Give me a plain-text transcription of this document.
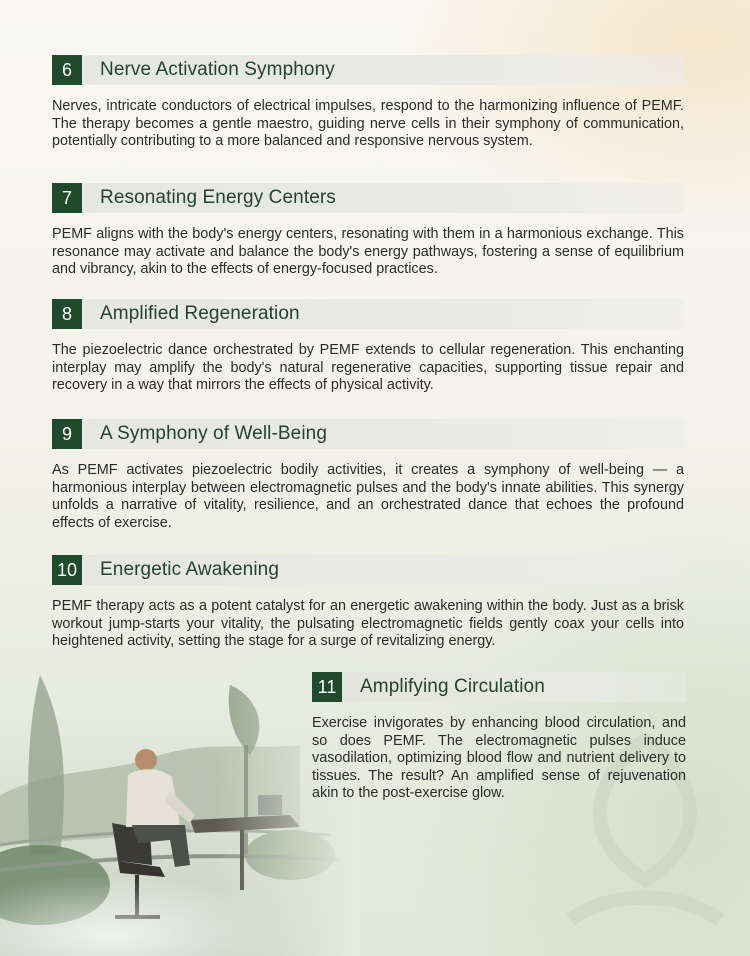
6	Nerve Activation Symphony

Nerves, intricate conductors of electrical impulses, respond to the harmonizing influence of PEMF. The therapy becomes a gentle maestro, guiding nerve cells in their symphony of communication, potentially contributing to a more balanced and responsive nervous system.

7	Resonating Energy Centers

PEMF aligns with the body's energy centers, resonating with them in a harmonious exchange. This resonance may activate and balance the body's energy pathways, fostering a sense of equilibrium and vibrancy, akin to the effects of energy-focused practices.

8	Amplified Regeneration

The piezoelectric dance orchestrated by PEMF extends to cellular regeneration. This enchanting interplay may amplify the body's natural regenerative capacities, supporting tissue repair and recovery in a way that mirrors the effects of physical activity.

9	A Symphony of Well-Being

As PEMF activates piezoelectric bodily activities, it creates a symphony of well-being — a harmonious interplay between electromagnetic pulses and the body's innate abilities. This synergy unfolds a narrative of vitality, resilience, and an orchestrated dance that echoes the profound effects of exercise.

10 Energetic Awakening

PEMF therapy acts as a potent catalyst for an energetic awakening within the body. Just as a brisk workout jump-starts your vitality, the pulsating electromagnetic fields gently coax your cells into heightened activity, setting the stage for a surge of revitalizing energy.

11 Amplifying Circulation

Exercise invigorates by enhancing blood circulation, and so does PEMF. The electromagnetic pulses induce vasodilation, optimizing blood flow and nutrient delivery to tissues. The result? An amplified sense of rejuvenation akin to the post-exercise glow.
